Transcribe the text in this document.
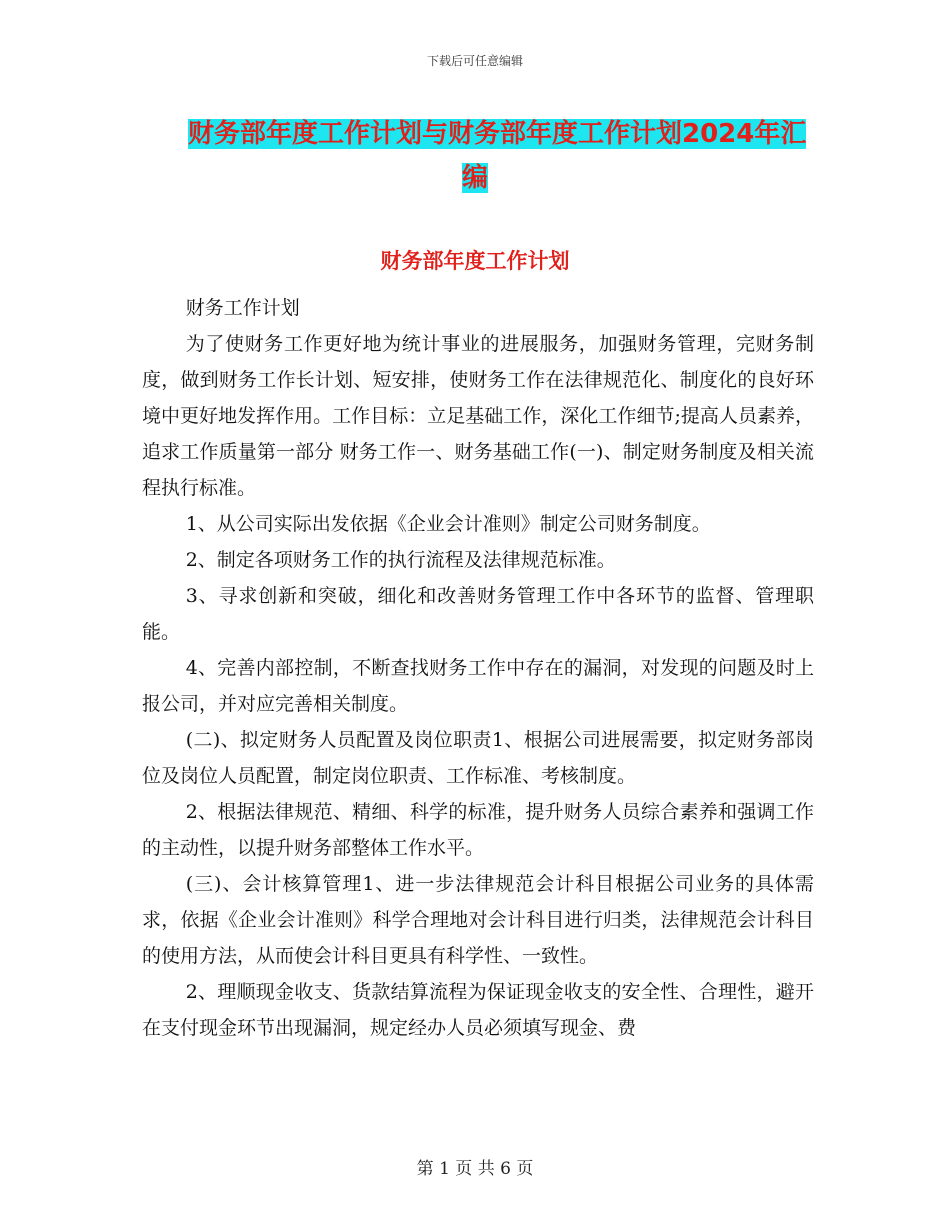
下载后可任意编辑
财务部年度工作计划与财务部年度工作计划2024年汇
编
财务部年度工作计划

财务工作计划

为了使财务工作更好地为统计事业的进展服务，加强财务管理，完财务制度，做到财务工作长计划、短安排，使财务工作在法律规范化、制度化的良好环境中更好地发挥作用。工作目标：立足基础工作，深化工作细节;提高人员素养，追求工作质量第一部分 财务工作一、财务基础工作(一)、制定财务制度及相关流程执行标准。

1、从公司实际出发依据《企业会计准则》制定公司财务制度。

2、制定各项财务工作的执行流程及法律规范标准。

3、寻求创新和突破，细化和改善财务管理工作中各环节的监督、管理职能。

4、完善内部控制，不断查找财务工作中存在的漏洞，对发现的问题及时上报公司，并对应完善相关制度。

(二)、拟定财务人员配置及岗位职责1、根据公司进展需要，拟定财务部岗位及岗位人员配置，制定岗位职责、工作标准、考核制度。

2、根据法律规范、精细、科学的标准，提升财务人员综合素养和强调工作的主动性，以提升财务部整体工作水平。

(三)、会计核算管理1、进一步法律规范会计科目根据公司业务的具体需求，依据《企业会计准则》科学合理地对会计科目进行归类，法律规范会计科目的使用方法，从而使会计科目更具有科学性、一致性。

2、理顺现金收支、货款结算流程为保证现金收支的安全性、合理性，避开在支付现金环节出现漏洞，规定经办人员必须填写现金、费

第 1 页 共 6 页
